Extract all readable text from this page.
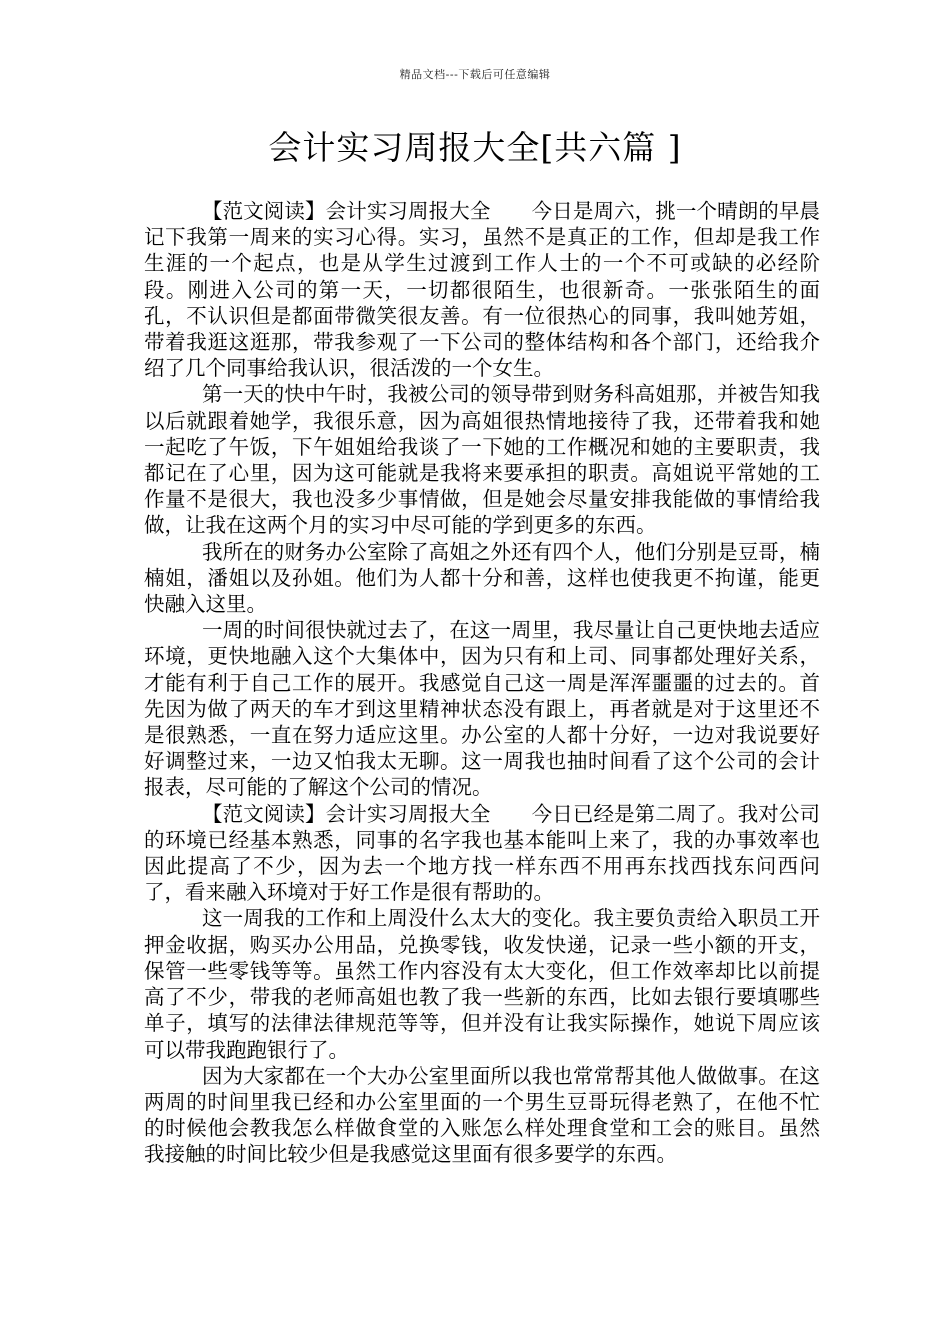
精品文档---下载后可任意编辑
会计实习周报大全[共六篇 ]

【范文阅读】会计实习周报大全　　今日是周六，挑一个晴朗的早晨记下我第一周来的实习心得。实习，虽然不是真正的工作，但却是我工作生涯的一个起点，也是从学生过渡到工作人士的一个不可或缺的必经阶段。刚进入公司的第一天，一切都很陌生，也很新奇。一张张陌生的面孔，不认识但是都面带微笑很友善。有一位很热心的同事，我叫她芳姐，带着我逛这逛那，带我参观了一下公司的整体结构和各个部门，还给我介绍了几个同事给我认识，很活泼的一个女生。

第一天的快中午时，我被公司的领导带到财务科高姐那，并被告知我以后就跟着她学，我很乐意，因为高姐很热情地接待了我，还带着我和她一起吃了午饭，下午姐姐给我谈了一下她的工作概况和她的主要职责，我都记在了心里，因为这可能就是我将来要承担的职责。高姐说平常她的工作量不是很大，我也没多少事情做，但是她会尽量安排我能做的事情给我做，让我在这两个月的实习中尽可能的学到更多的东西。

我所在的财务办公室除了高姐之外还有四个人，他们分别是豆哥，楠楠姐，潘姐以及孙姐。他们为人都十分和善，这样也使我更不拘谨，能更快融入这里。

一周的时间很快就过去了，在这一周里，我尽量让自己更快地去适应环境，更快地融入这个大集体中，因为只有和上司、同事都处理好关系，才能有利于自己工作的展开。我感觉自己这一周是浑浑噩噩的过去的。首先因为做了两天的车才到这里精神状态没有跟上，再者就是对于这里还不是很熟悉，一直在努力适应这里。办公室的人都十分好，一边对我说要好好调整过来，一边又怕我太无聊。这一周我也抽时间看了这个公司的会计报表，尽可能的了解这个公司的情况。

【范文阅读】会计实习周报大全　　今日已经是第二周了。我对公司的环境已经基本熟悉，同事的名字我也基本能叫上来了，我的办事效率也因此提高了不少，因为去一个地方找一样东西不用再东找西找东问西问了，看来融入环境对于好工作是很有帮助的。

这一周我的工作和上周没什么太大的变化。我主要负责给入职员工开押金收据，购买办公用品，兑换零钱，收发快递，记录一些小额的开支，保管一些零钱等等。虽然工作内容没有太大变化，但工作效率却比以前提高了不少，带我的老师高姐也教了我一些新的东西，比如去银行要填哪些单子，填写的法律法律规范等等，但并没有让我实际操作，她说下周应该可以带我跑跑银行了。

因为大家都在一个大办公室里面所以我也常常帮其他人做做事。在这两周的时间里我已经和办公室里面的一个男生豆哥玩得老熟了，在他不忙的时候他会教我怎么样做食堂的入账怎么样处理食堂和工会的账目。虽然我接触的时间比较少但是我感觉这里面有很多要学的东西。
